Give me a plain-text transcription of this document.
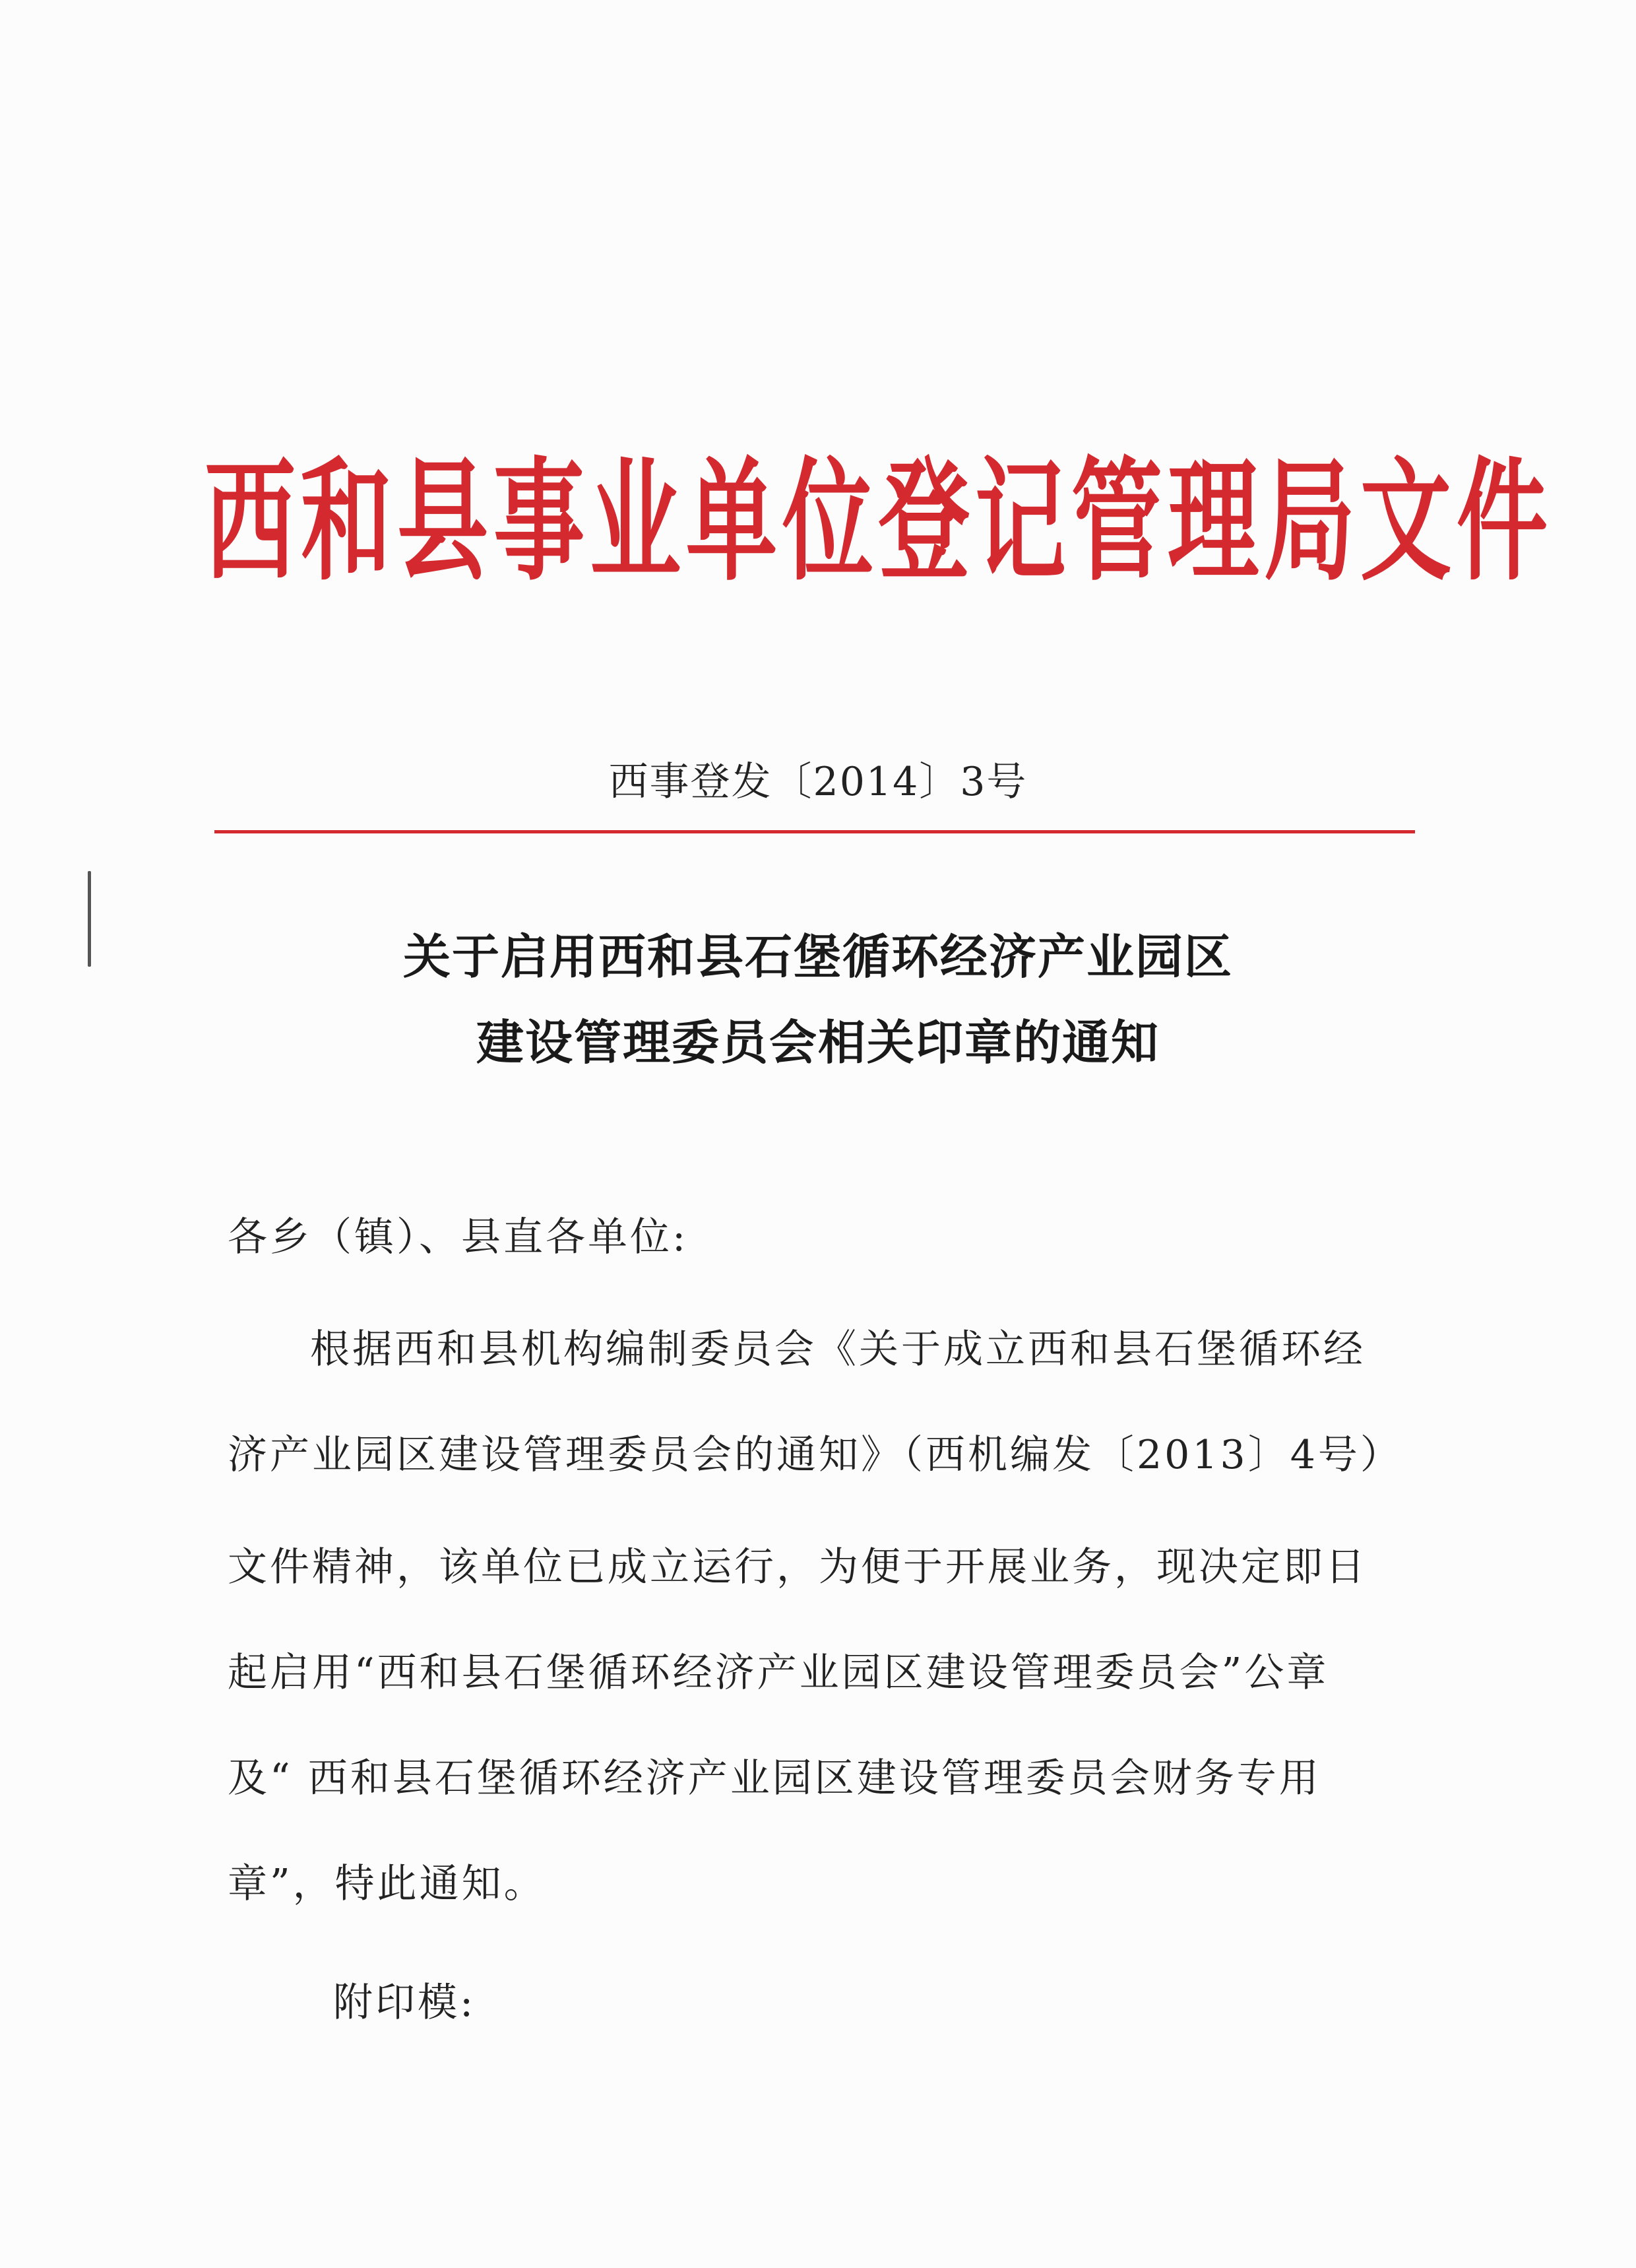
西和县事业单位登记管理局文件
西事登发〔2014〕3号
关于启用西和县石堡循环经济产业园区
建设管理委员会相关印章的通知
各乡（镇）、县直各单位:
根据西和县机构编制委员会《关于成立西和县石堡循环经
济产业园区建设管理委员会的通知》（西机编发〔2013〕4号）
文件精神，该单位已成立运行，为便于开展业务，现决定即日
起启用“西和县石堡循环经济产业园区建设管理委员会”公章
及“ 西和县石堡循环经济产业园区建设管理委员会财务专用
章”，特此通知。
附印模:
